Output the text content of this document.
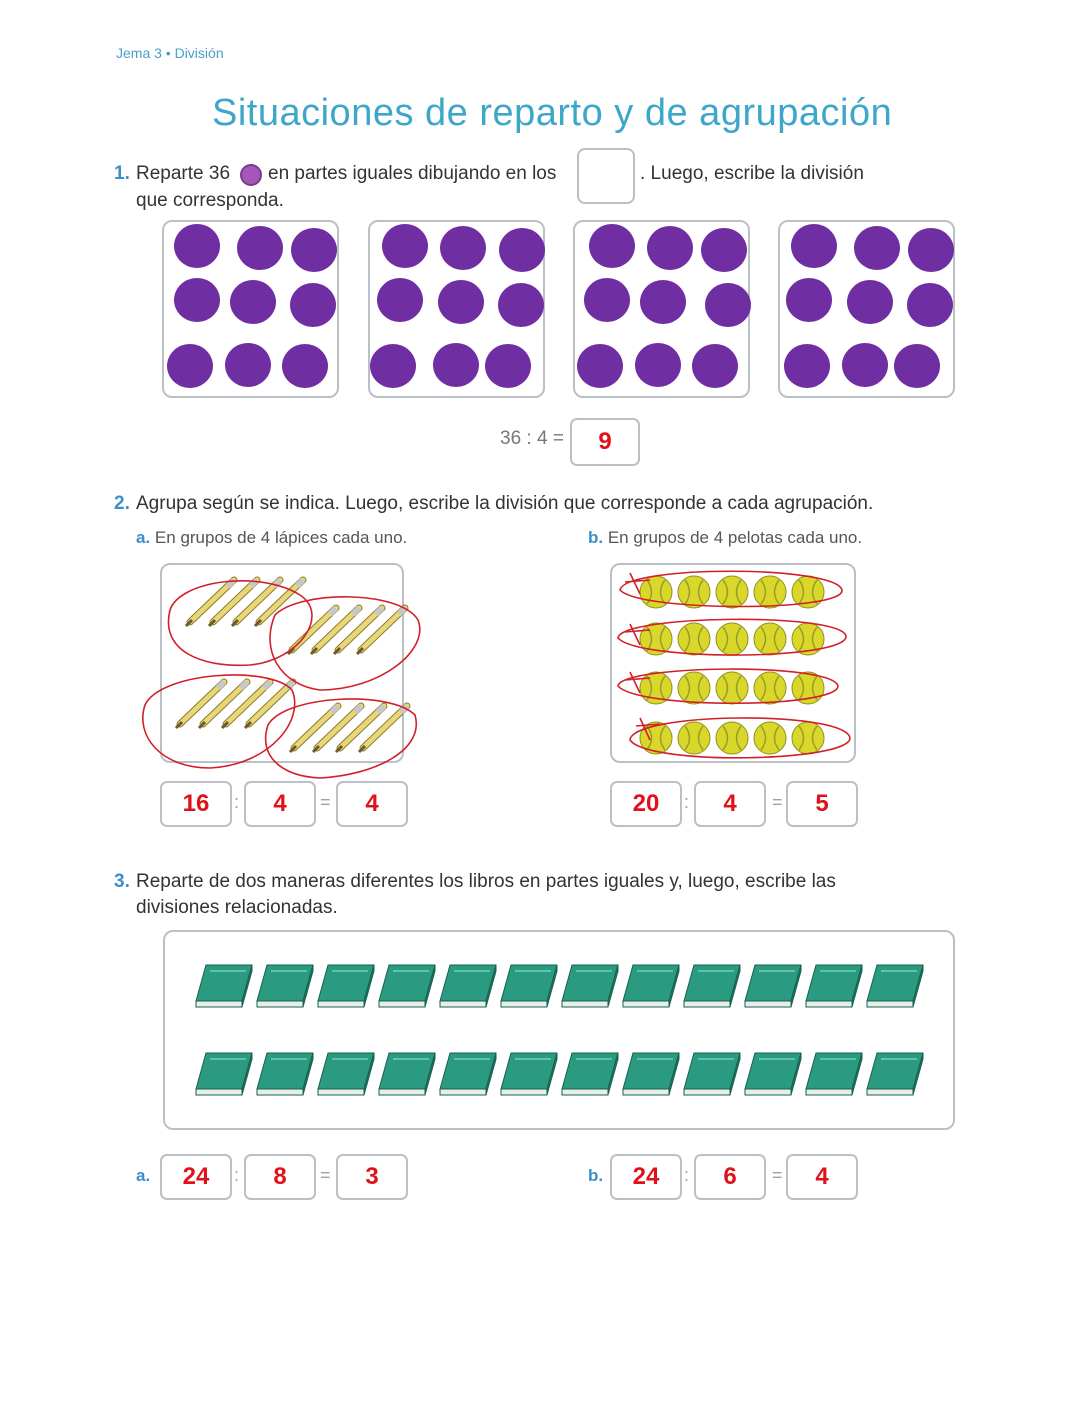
Jema 3 • División
Situaciones de reparto y de agrupación
1. Reparte 36 en partes iguales dibujando en los	. Luego, escribe la división
que corresponda.
36 : 4 = 9
2. Agrupa según se indica. Luego, escribe la división que corresponde a cada agrupación.
a. En grupos de 4 lápices cada uno.	b. En grupos de 4 pelotas cada uno.
16 : 4 = 4	20 : 4 = 5
3. Reparte de dos maneras diferentes los libros en partes iguales y, luego, escribe las
divisiones relacionadas.
a. 24 : 8 = 3	b. 24 : 6 = 4
